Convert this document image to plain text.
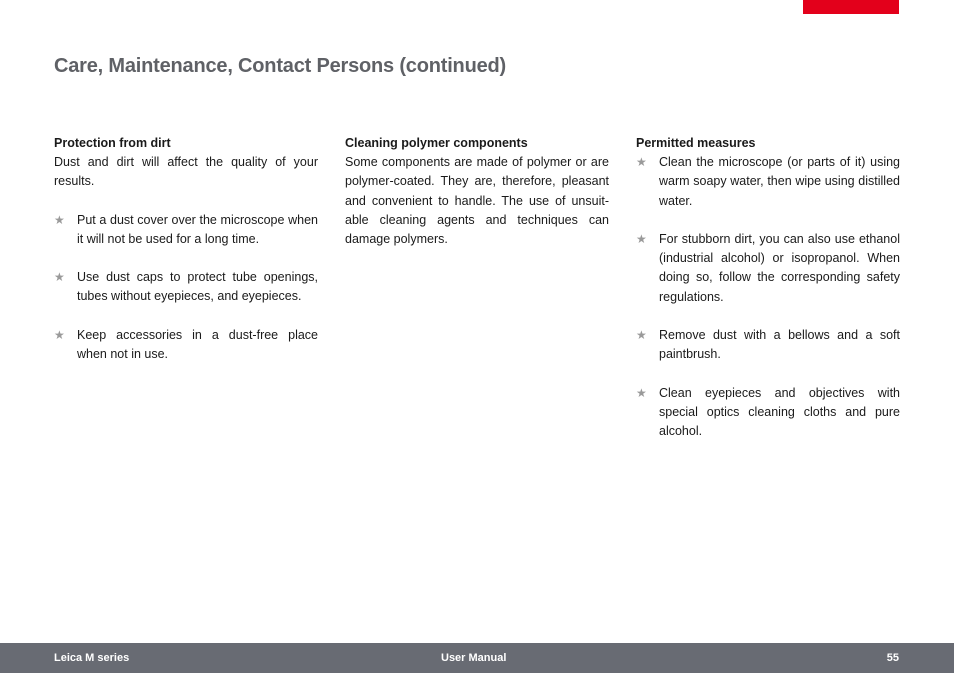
Care, Maintenance, Contact Persons (continued)
Protection from dirt

Dust and dirt will affect the quality of your results.

★ Put a dust cover over the microscope when it will not be used for a long time.
★ Use dust caps to protect tube openings, tubes without eyepieces, and eyepieces.
★ Keep accessories in a dust-free place when not in use.
Cleaning polymer components

Some components are made of polymer or are polymer-coated. They are, therefore, pleasant and convenient to handle. The use of unsuit-able cleaning agents and techniques can damage polymers.

Permitted measures
★ Clean the microscope (or parts of it) using warm soapy water, then wipe using distilled water.
★ For stubborn dirt, you can also use ethanol (industrial alcohol) or isopropanol. When doing so, follow the corresponding safety regulations.
★ Remove dust with a bellows and a soft paintbrush.
★ Clean eyepieces and objectives with special optics cleaning cloths and pure alcohol.
Leica M series	User Manual	55
